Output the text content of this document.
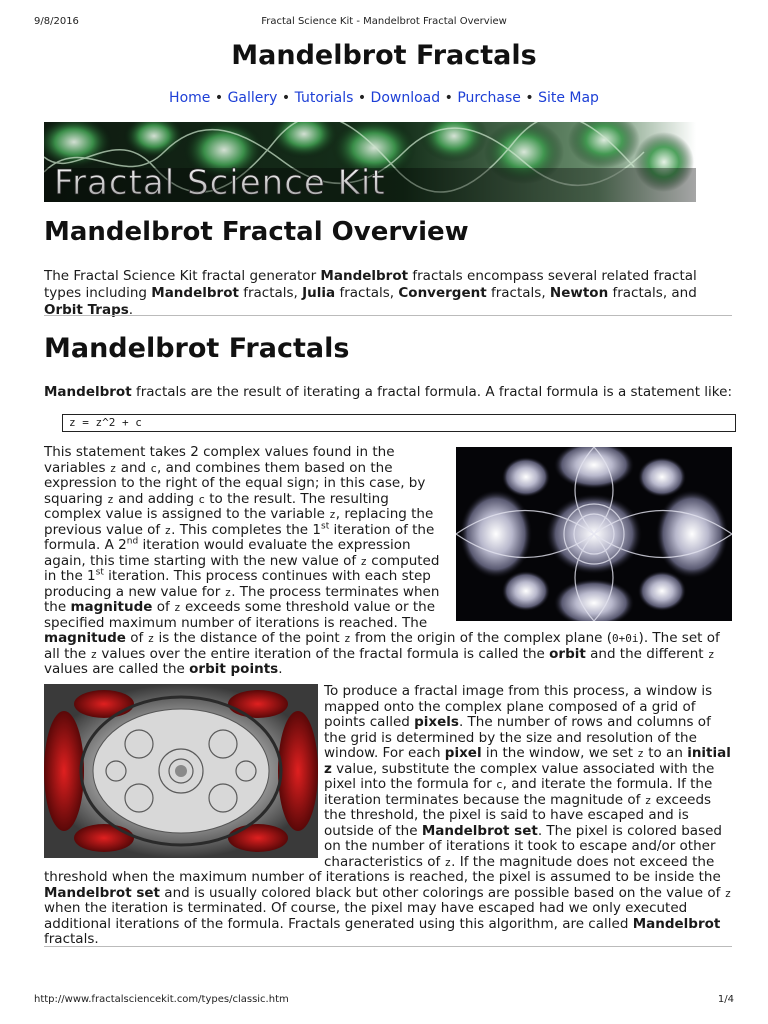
9/8/2016	Fractal Science Kit - Mandelbrot Fractal Overview
Mandelbrot Fractals
Home • Gallery • Tutorials • Download • Purchase • Site Map
Fractal Science Kit
Mandelbrot Fractal Overview

The Fractal Science Kit fractal generator Mandelbrot fractals encompass several related fractal types including Mandelbrot fractals, Julia fractals, Convergent fractals, Newton fractals, and Orbit Traps.

Mandelbrot Fractals

Mandelbrot fractals are the result of iterating a fractal formula. A fractal formula is a statement like:

z = z^2 + c
This statement takes 2 complex values found in the variables z and c, and combines them based on the expression to the right of the equal sign; in this case, by squaring z and adding c to the result. The resulting complex value is assigned to the variable z, replacing the previous value of z. This completes the 1st iteration of the formula. A 2nd iteration would evaluate the expression again, this time starting with the new value of z computed in the 1st iteration. This process continues with each step producing a new value for z. The process terminates when the magnitude of z exceeds some threshold value or the specified maximum number of iterations is reached. The magnitude of z is the distance of the point z from the origin of the complex plane (0+0i). The set of all the z values over the entire iteration of the fractal formula is called the orbit and the different z values are called the orbit points.
To produce a fractal image from this process, a window is mapped onto the complex plane composed of a grid of points called pixels. The number of rows and columns of the grid is determined by the size and resolution of the window. For each pixel in the window, we set z to an initial z value, substitute the complex value associated with the pixel into the formula for c, and iterate the formula. If the iteration terminates because the magnitude of z exceeds the threshold, the pixel is said to have escaped and is outside of the Mandelbrot set. The pixel is colored based on the number of iterations it took to escape and/or other characteristics of z. If the magnitude does not exceed the threshold when the maximum number of iterations is reached, the pixel is assumed to be inside the Mandelbrot set and is usually colored black but other colorings are possible based on the value of z when the iteration is terminated. Of course, the pixel may have escaped had we only executed additional iterations of the formula. Fractals generated using this algorithm, are called Mandelbrot fractals.
http://www.fractalsciencekit.com/types/classic.htm	1/4
